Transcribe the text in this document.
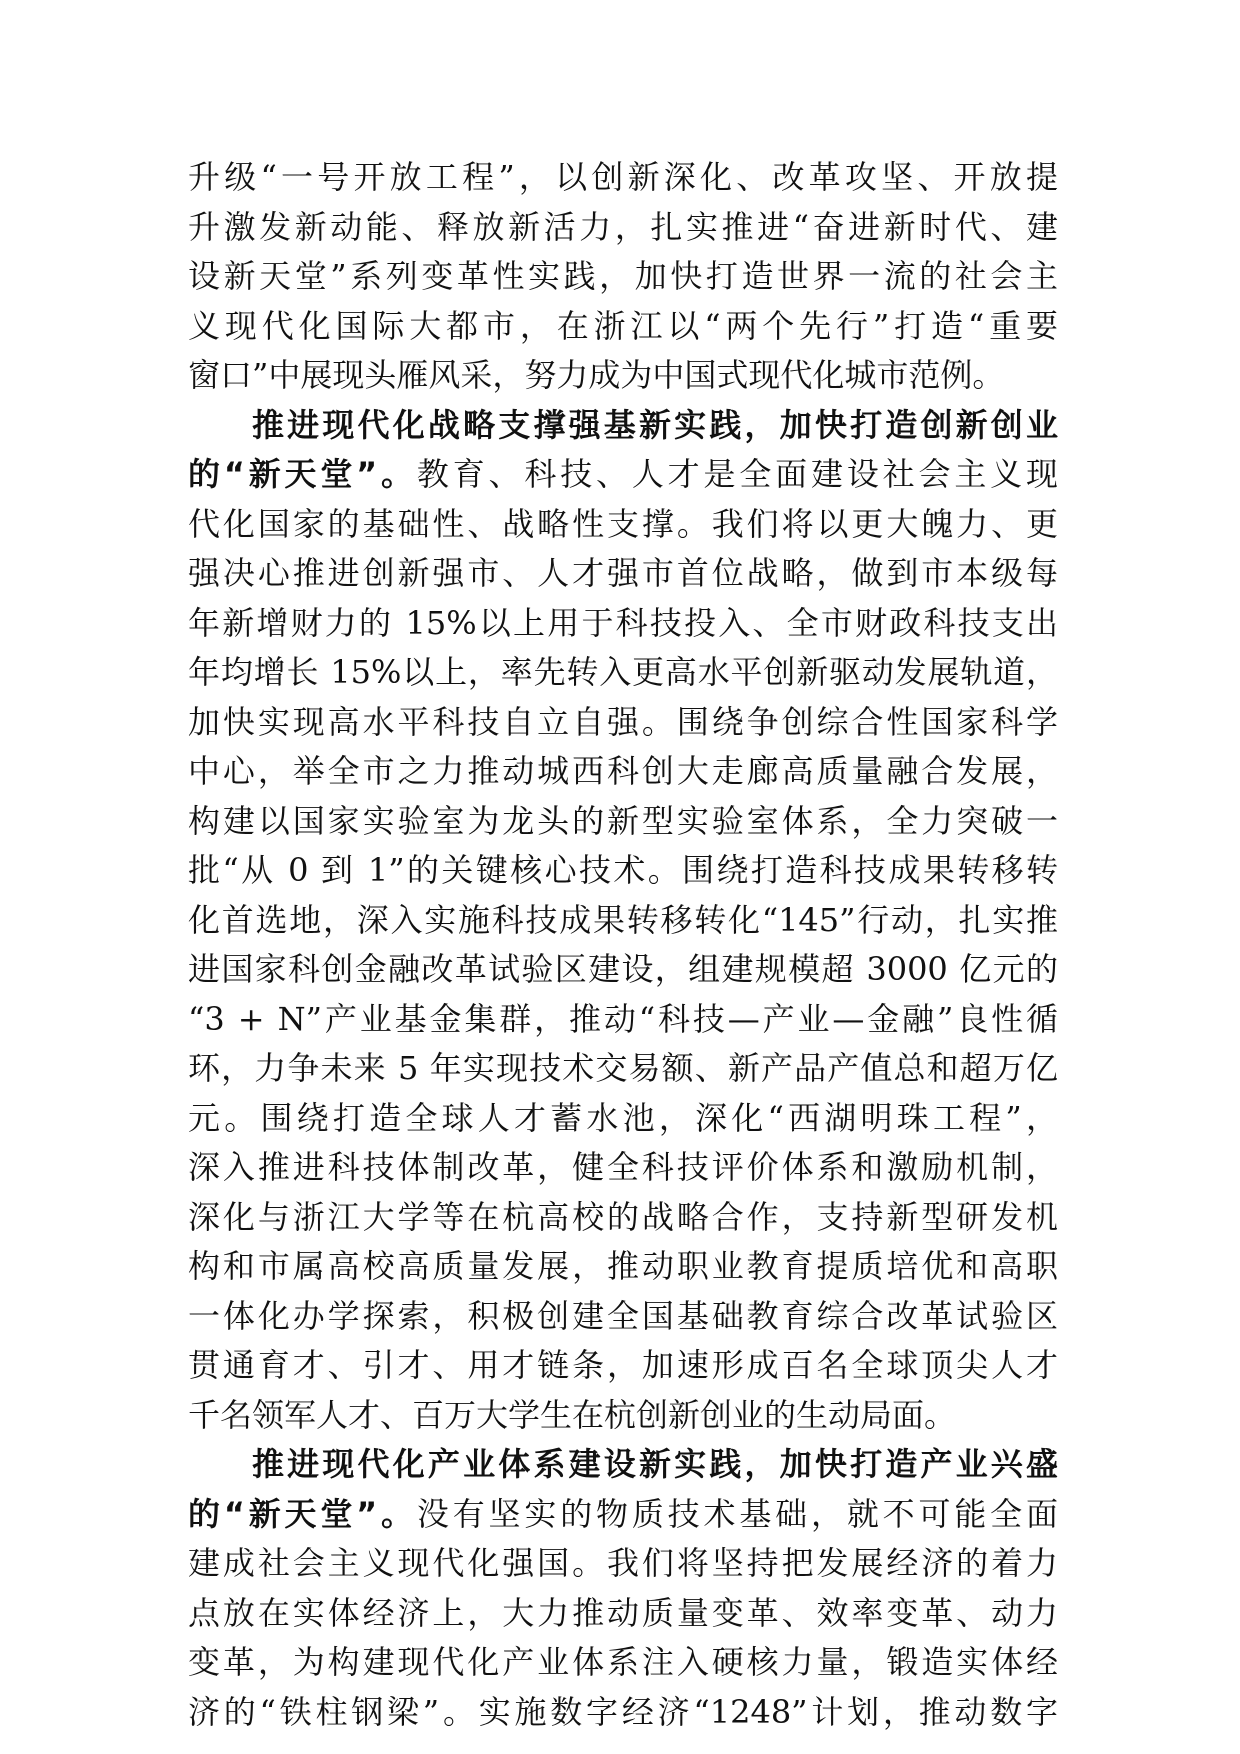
升级“一号开放工程”，以创新深化、改革攻坚、开放提
升激发新动能、释放新活力，扎实推进“奋进新时代、建
设新天堂”系列变革性实践，加快打造世界一流的社会主
义现代化国际大都市，在浙江以“两个先行”打造“重要
窗口”中展现头雁风采，努力成为中国式现代化城市范例。
推进现代化战略支撑强基新实践，加快打造创新创业
的“新天堂”。教育、科技、人才是全面建设社会主义现
代化国家的基础性、战略性支撑。我们将以更大魄力、更
强决心推进创新强市、人才强市首位战略，做到市本级每
年新增财力的 15%以上用于科技投入、全市财政科技支出
年均增长 15%以上，率先转入更高水平创新驱动发展轨道，
加快实现高水平科技自立自强。围绕争创综合性国家科学
中心，举全市之力推动城西科创大走廊高质量融合发展，
构建以国家实验室为龙头的新型实验室体系，全力突破一
批“从 0 到 1”的关键核心技术。围绕打造科技成果转移转
化首选地，深入实施科技成果转移转化“145”行动，扎实推
进国家科创金融改革试验区建设，组建规模超 3000 亿元的
“3 + N”产业基金集群，推动“科技—产业—金融”良性循
环，力争未来 5 年实现技术交易额、新产品产值总和超万亿
元。围绕打造全球人才蓄水池，深化“西湖明珠工程”，
深入推进科技体制改革，健全科技评价体系和激励机制，
深化与浙江大学等在杭高校的战略合作，支持新型研发机
构和市属高校高质量发展，推动职业教育提质培优和高职
一体化办学探索，积极创建全国基础教育综合改革试验区
贯通育才、引才、用才链条，加速形成百名全球顶尖人才
千名领军人才、百万大学生在杭创新创业的生动局面。
推进现代化产业体系建设新实践，加快打造产业兴盛
的“新天堂”。没有坚实的物质技术基础，就不可能全面
建成社会主义现代化强国。我们将坚持把发展经济的着力
点放在实体经济上，大力推动质量变革、效率变革、动力
变革，为构建现代化产业体系注入硬核力量，锻造实体经
济的“铁柱钢梁”。实施数字经济“1248”计划，推动数字
